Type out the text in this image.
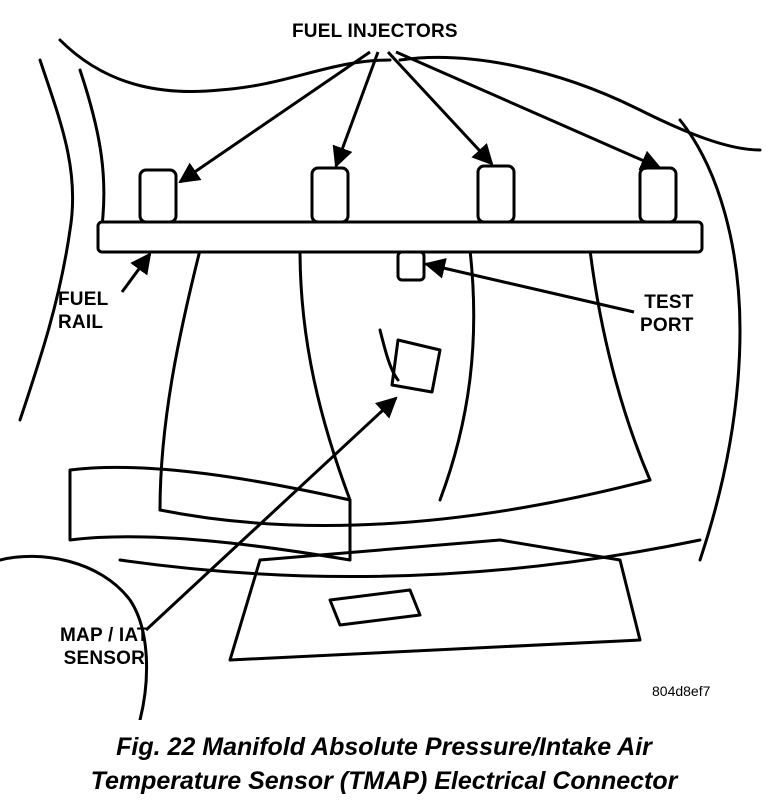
FUEL INJECTORS
FUEL
RAIL
TEST
PORT
MAP / IAT
SENSOR
804d8ef7
Fig. 22 Manifold Absolute Pressure/Intake Air
Temperature Sensor (TMAP) Electrical Connector
